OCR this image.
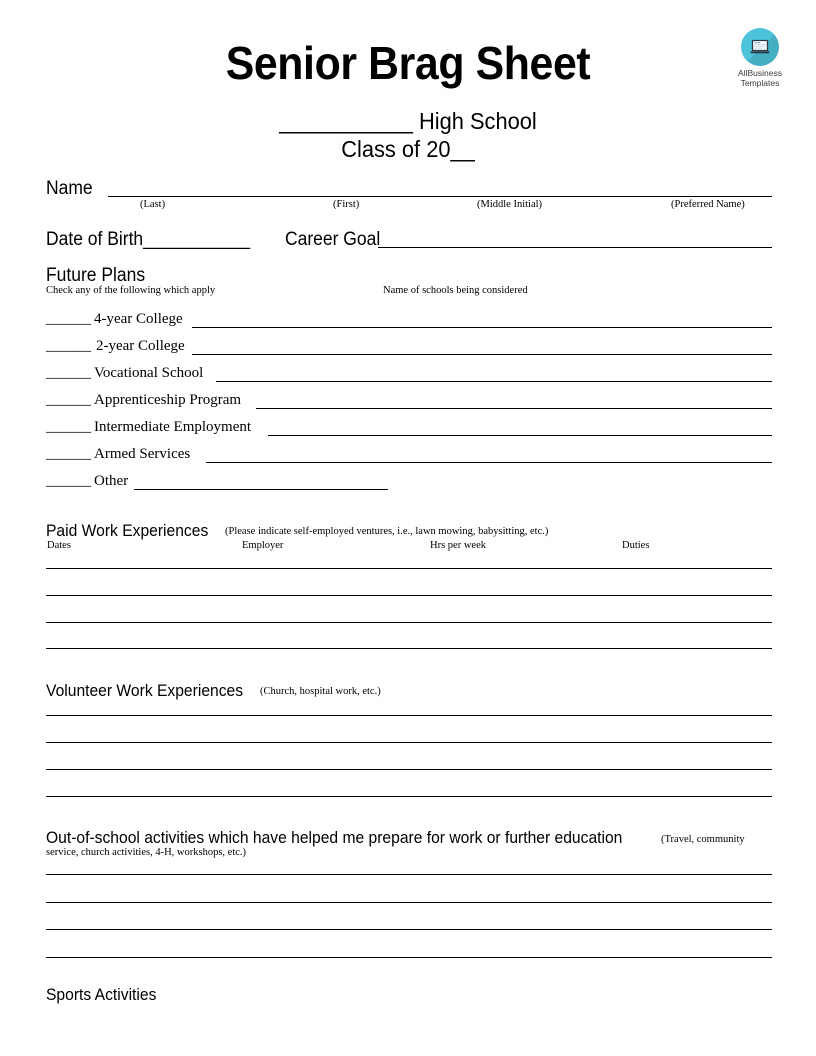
AllBusiness
Templates
Senior Brag Sheet
___________ High School
Class of 20__
Name
(Last)	(First)	(Middle Initial)	(Preferred Name)
Date of Birth___________ Career Goal
Future Plans
Check any of the following which apply	Name of schools being considered
______ 4-year College
______ 2-year College
______ Vocational School
______ Apprenticeship Program
______ Intermediate Employment
______ Armed Services
______ Other
Paid Work Experiences (Please indicate self-employed ventures, i.e., lawn mowing, babysitting, etc.)
Dates	Employer	Hrs per week	Duties
Volunteer Work Experiences (Church, hospital work, etc.)
Out-of-school activities which have helped me prepare for work or further education	(Travel, community
service, church activities, 4-H, workshops, etc.)
Sports Activities
